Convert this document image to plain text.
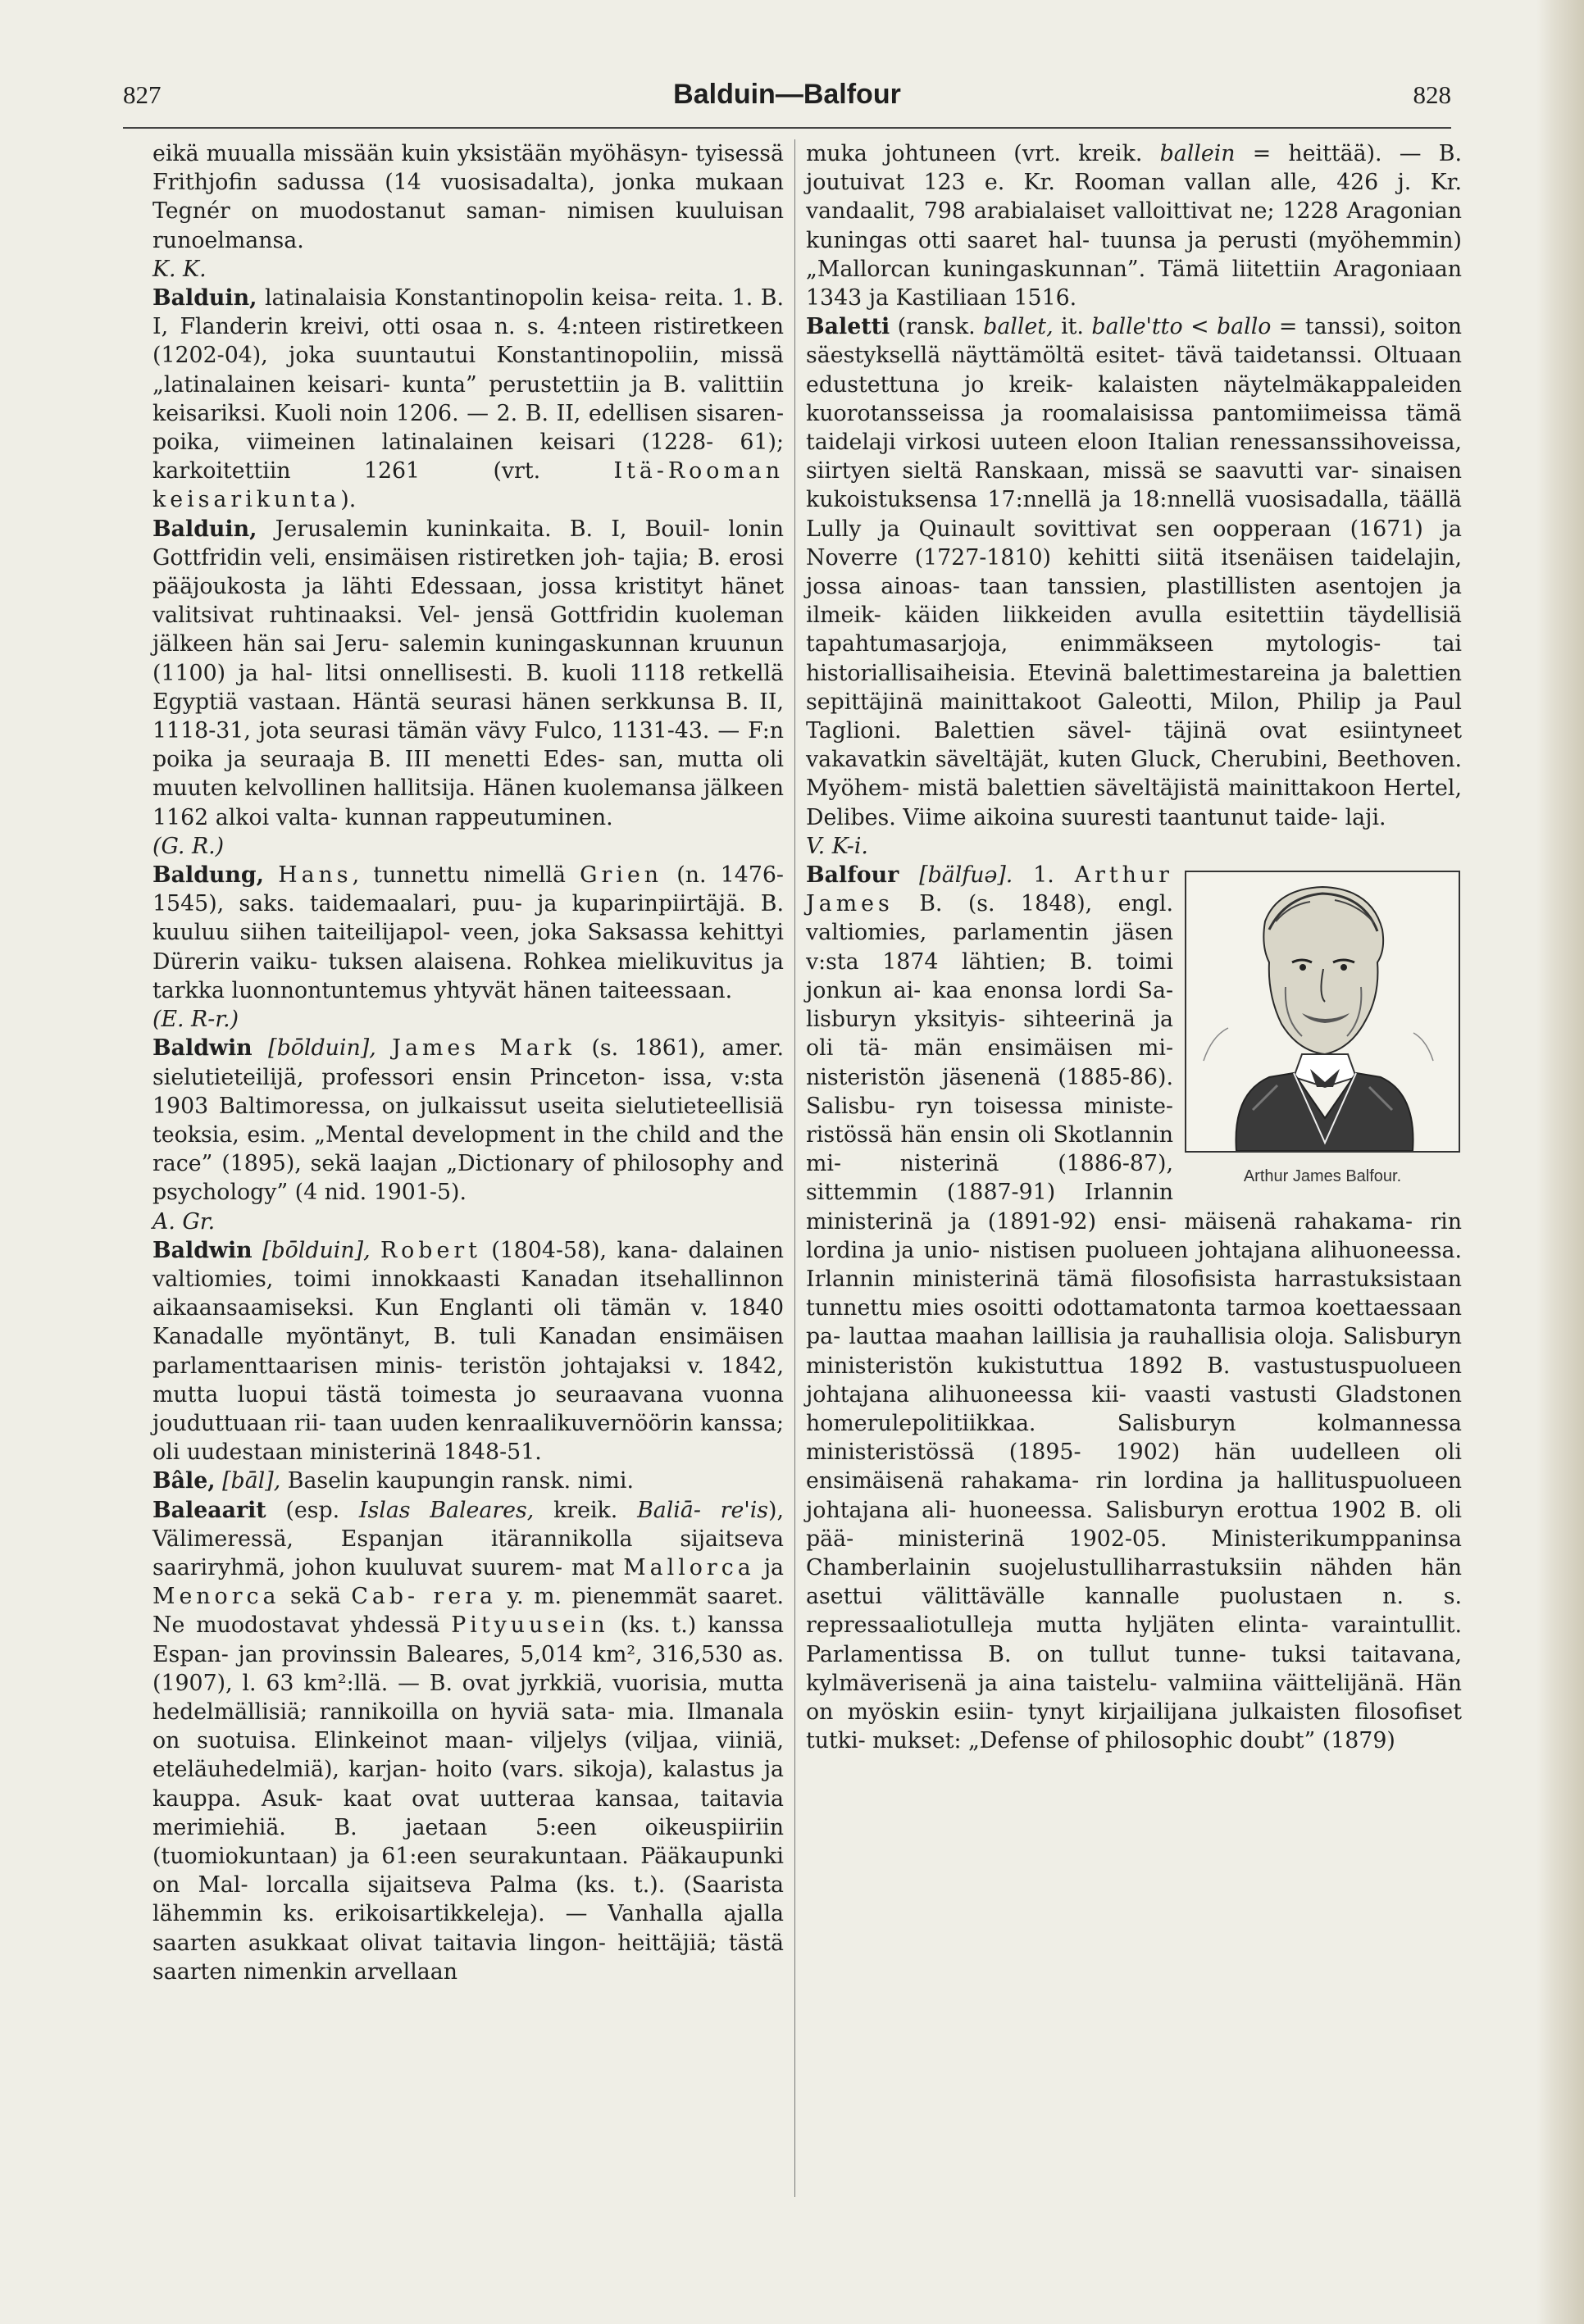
827	Balduin—Balfour	828

eikä muualla missään kuin yksistään myöhäsyn- tyisessä Frithjofin sadussa (14 vuosisadalta), jonka mukaan Tegnér on muodostanut saman- nimisen kuuluisan runoelmansa.

K. K.

Balduin, latinalaisia Konstantinopolin keisa- reita. 1. B. I, Flanderin kreivi, otti osaa n. s. 4:nteen ristiretkeen (1202-04), joka suuntautui Konstantinopoliin, missä „latinalainen keisari- kunta” perustettiin ja B. valittiin keisariksi. Kuoli noin 1206. — 2. B. II, edellisen sisaren- poika, viimeinen latinalainen keisari (1228- 61); karkoitettiin 1261 (vrt. Itä-Rooman keisarikunta).

Balduin, Jerusalemin kuninkaita. B. I, Bouil- lonin Gottfridin veli, ensimäisen ristiretken joh- tajia; B. erosi pääjoukosta ja lähti Edessaan, jossa kristityt hänet valitsivat ruhtinaaksi. Vel- jensä Gottfridin kuoleman jälkeen hän sai Jeru- salemin kuningaskunnan kruunun (1100) ja hal- litsi onnellisesti. B. kuoli 1118 retkellä Egyptiä vastaan. Häntä seurasi hänen serkkunsa B. II, 1118-31, jota seurasi tämän vävy Fulco, 1131-43. — F:n poika ja seuraaja B. III menetti Edes- san, mutta oli muuten kelvollinen hallitsija. Hänen kuolemansa jälkeen 1162 alkoi valta- kunnan rappeutuminen.

(G. R.)

Baldung, Hans, tunnettu nimellä Grien (n. 1476-1545), saks. taidemaalari, puu- ja kuparinpiirtäjä. B. kuuluu siihen taiteilijapol- veen, joka Saksassa kehittyi Dürerin vaiku- tuksen alaisena. Rohkea mielikuvitus ja tarkka luonnontuntemus yhtyvät hänen taiteessaan.

(E. R-r.)

Baldwin [bōlduin], James Mark (s. 1861), amer. sielutieteilijä, professori ensin Princeton- issa, v:sta 1903 Baltimoressa, on julkaissut useita sielutieteellisiä teoksia, esim. „Mental development in the child and the race” (1895), sekä laajan „Dictionary of philosophy and psychology” (4 nid. 1901-5).

A. Gr.

Baldwin [bōlduin], Robert (1804-58), kana- dalainen valtiomies, toimi innokkaasti Kanadan itsehallinnon aikaansaamiseksi. Kun Englanti oli tämän v. 1840 Kanadalle myöntänyt, B. tuli Kanadan ensimäisen parlamenttaarisen minis- teristön johtajaksi v. 1842, mutta luopui tästä toimesta jo seuraavana vuonna jouduttuaan rii- taan uuden kenraalikuvernöörin kanssa; oli uudestaan ministerinä 1848-51.

Bâle, [bāl], Baselin kaupungin ransk. nimi.

Baleaarit (esp. Islas Baleares, kreik. Baliā- re'is), Välimeressä, Espanjan itärannikolla sijaitseva saariryhmä, johon kuuluvat suurem- mat Mallorca ja Menorca sekä Cab- rera y. m. pienemmät saaret. Ne muodostavat yhdessä Pityuusein (ks. t.) kanssa Espan- jan provinssin Baleares, 5,014 km², 316,530 as. (1907), l. 63 km²:llä. — B. ovat jyrkkiä, vuorisia, mutta hedelmällisiä; rannikoilla on hyviä sata- mia. Ilmanala on suotuisa. Elinkeinot maan- viljelys (viljaa, viiniä, eteläuhedelmiä), karjan- hoito (vars. sikoja), kalastus ja kauppa. Asuk- kaat ovat uutteraa kansaa, taitavia merimiehiä. B. jaetaan 5:een oikeuspiiriin (tuomiokuntaan) ja 61:een seurakuntaan. Pääkaupunki on Mal- lorcalla sijaitseva Palma (ks. t.). (Saarista lähemmin ks. erikoisartikkeleja). — Vanhalla ajalla saarten asukkaat olivat taitavia lingon- heittäjiä; tästä saarten nimenkin arvellaan

muka johtuneen (vrt. kreik. ballein = heittää). — B. joutuivat 123 e. Kr. Rooman vallan alle, 426 j. Kr. vandaalit, 798 arabialaiset valloittivat ne; 1228 Aragonian kuningas otti saaret hal- tuunsa ja perusti (myöhemmin) „Mallorcan kuningaskunnan”. Tämä liitettiin Aragoniaan 1343 ja Kastiliaan 1516.

Baletti (ransk. ballet, it. balle'tto < ballo = tanssi), soiton säestyksellä näyttämöltä esitet- tävä taidetanssi. Oltuaan edustettuna jo kreik- kalaisten näytelmäkappaleiden kuorotansseissa ja roomalaisissa pantomiimeissa tämä taidelaji virkosi uuteen eloon Italian renessanssihoveissa, siirtyen sieltä Ranskaan, missä se saavutti var- sinaisen kukoistuksensa 17:nnellä ja 18:nnellä vuosisadalla, täällä Lully ja Quinault sovittivat sen oopperaan (1671) ja Noverre (1727-1810) kehitti siitä itsenäisen taidelajin, jossa ainoas- taan tanssien, plastillisten asentojen ja ilmeik- käiden liikkeiden avulla esitettiin täydellisiä tapahtumasarjoja, enimmäkseen mytologis- tai historiallisaiheisia. Etevinä balettimestareina ja balettien sepittäjinä mainittakoot Galeotti, Milon, Philip ja Paul Taglioni. Balettien sävel- täjinä ovat esiintyneet vakavatkin säveltäjät, kuten Gluck, Cherubini, Beethoven. Myöhem- mistä balettien säveltäjistä mainittakoon Hertel, Delibes. Viime aikoina suuresti taantunut taide- laji.

V. K-i.

Arthur James Balfour.

Balfour [bälfuə]. 1. Arthur James B. (s. 1848), engl. valtiomies, parlamentin jäsen v:sta 1874 lähtien; B. toimi jonkun ai- kaa enonsa lordi Sa- lisburyn yksityis- sihteerinä ja oli tä- män ensimäisen mi- nisteristön jäsenenä (1885-86). Salisbu- ryn toisessa ministe- ristössä hän ensin oli Skotlannin mi- nisterinä (1886-87), sittemmin (1887-91) Irlannin ministerinä ja (1891-92) ensi- mäisenä rahakama- rin lordina ja unio- nistisen puolueen johtajana alihuoneessa. Irlannin ministerinä tämä filosofisista harrastuksistaan tunnettu mies osoitti odottamatonta tarmoa koettaessaan pa- lauttaa maahan laillisia ja rauhallisia oloja. Salisburyn ministeristön kukistuttua 1892 B. vastustuspuolueen johtajana alihuoneessa kii- vaasti vastusti Gladstonen homerulepolitiikkaa. Salisburyn kolmannessa ministeristössä (1895- 1902) hän uudelleen oli ensimäisenä rahakama- rin lordina ja hallituspuolueen johtajana ali- huoneessa. Salisburyn erottua 1902 B. oli pää- ministerinä 1902-05. Ministerikumppaninsa Chamberlainin suojelustulliharrastuksiin nähden hän asettui välittävälle kannalle puolustaen n. s. repressaaliotulleja mutta hyljäten elinta- varaintullit. Parlamentissa B. on tullut tunne- tuksi taitavana, kylmäverisenä ja aina taistelu- valmiina väittelijänä. Hän on myöskin esiin- tynyt kirjailijana julkaisten filosofiset tutki- mukset: „Defense of philosophic doubt” (1879)
